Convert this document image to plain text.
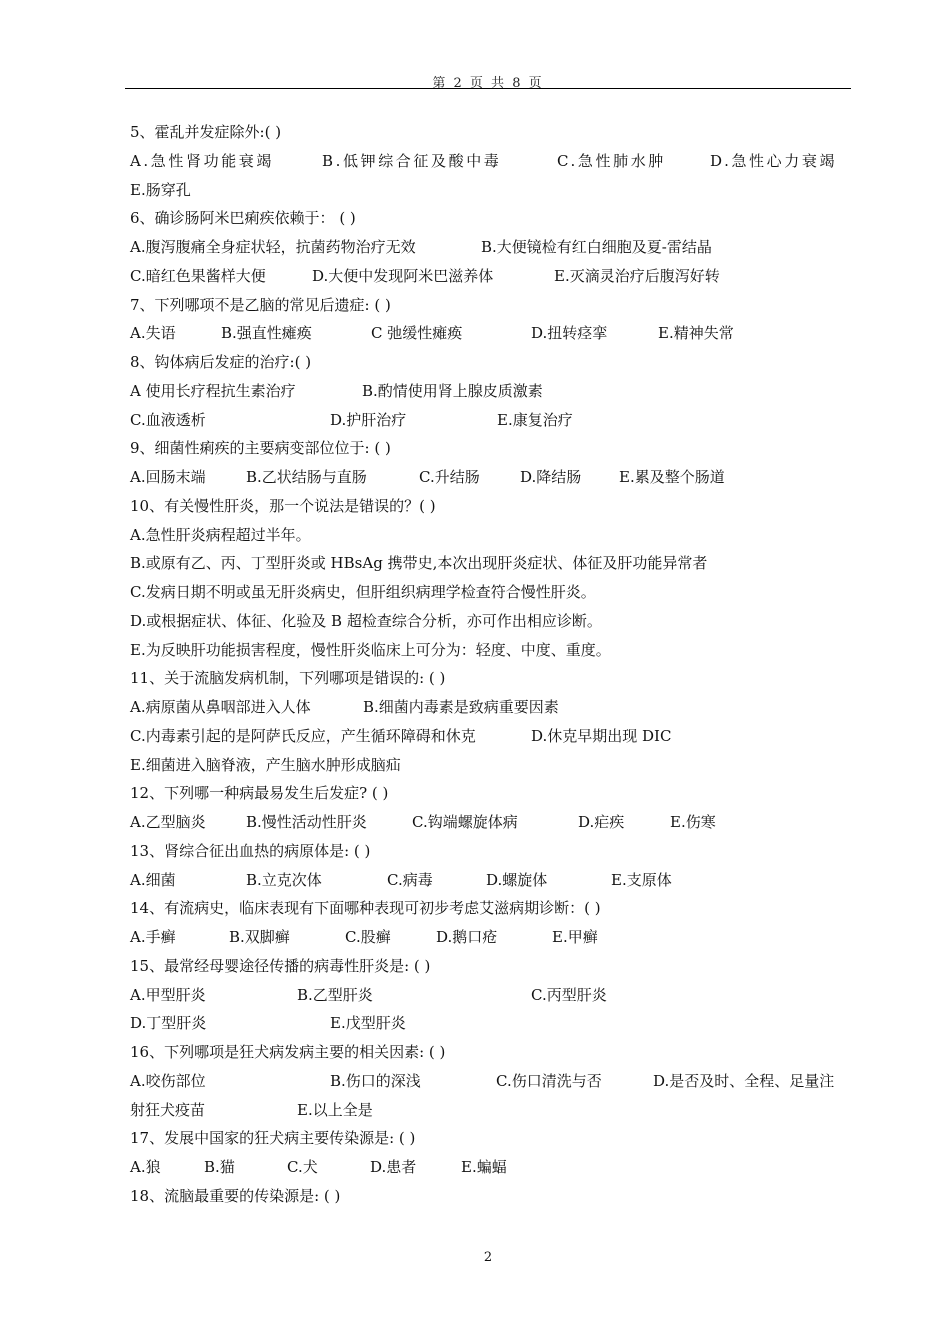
第 2 页 共 8 页
5、霍乱并发症除外:( )
A.急性肾功能衰竭	B.低钾综合征及酸中毒	C.急性肺水肿	D.急性心力衰竭
E.肠穿孔
6、确诊肠阿米巴痢疾依赖于： ( )
A.腹泻腹痛全身症状轻，抗菌药物治疗无效	B.大便镜检有红白细胞及夏-雷结晶
C.暗红色果酱样大便	D.大便中发现阿米巴滋养体	E.灭滴灵治疗后腹泻好转
7、下列哪项不是乙脑的常见后遗症: ( )
A.失语	B.强直性瘫痪	C 弛缓性瘫痪	D.扭转痉挛	E.精神失常
8、钩体病后发症的治疗:( )
A 使用长疗程抗生素治疗	B.酌情使用肾上腺皮质激素
C.血液透析	D.护肝治疗	E.康复治疗
9、细菌性痢疾的主要病变部位位于: ( )
A.回肠末端	B.乙状结肠与直肠	C.升结肠	D.降结肠	E.累及整个肠道
10、有关慢性肝炎，那一个说法是错误的？( )
A.急性肝炎病程超过半年。
B.或原有乙、丙、丁型肝炎或 HBsAg 携带史,本次出现肝炎症状、体征及肝功能异常者
C.发病日期不明或虽无肝炎病史，但肝组织病理学检查符合慢性肝炎。
D.或根据症状、体征、化验及 B 超检查综合分析，亦可作出相应诊断。
E.为反映肝功能损害程度，慢性肝炎临床上可分为：轻度、中度、重度。
11、关于流脑发病机制，下列哪项是错误的: ( )
A.病原菌从鼻咽部进入人体	B.细菌内毒素是致病重要因素
C.内毒素引起的是阿萨氏反应，产生循环障碍和休克	D.休克早期出现 DIC
E.细菌进入脑脊液，产生脑水肿形成脑疝
12、下列哪一种病最易发生后发症? ( )
A.乙型脑炎	B.慢性活动性肝炎	C.钩端螺旋体病	D.疟疾	E.伤寒
13、肾综合征出血热的病原体是: ( )
A.细菌	B.立克次体	C.病毒	D.螺旋体	E.支原体
14、有流病史，临床表现有下面哪种表现可初步考虑艾滋病期诊断：( )
A.手癣	B.双脚癣	C.股癣	D.鹅口疮	E.甲癣
15、最常经母婴途径传播的病毒性肝炎是: ( )
A.甲型肝炎	B.乙型肝炎	C.丙型肝炎
D.丁型肝炎	E.戊型肝炎
16、下列哪项是狂犬病发病主要的相关因素: ( )
A.咬伤部位	B.伤口的深浅	C.伤口清洗与否	D.是否及时、全程、足量注
射狂犬疫苗	E.以上全是
17、发展中国家的狂犬病主要传染源是: ( )
A.狼	B.猫	C.犬	D.患者	E.蝙蝠
18、流脑最重要的传染源是: ( )
2
